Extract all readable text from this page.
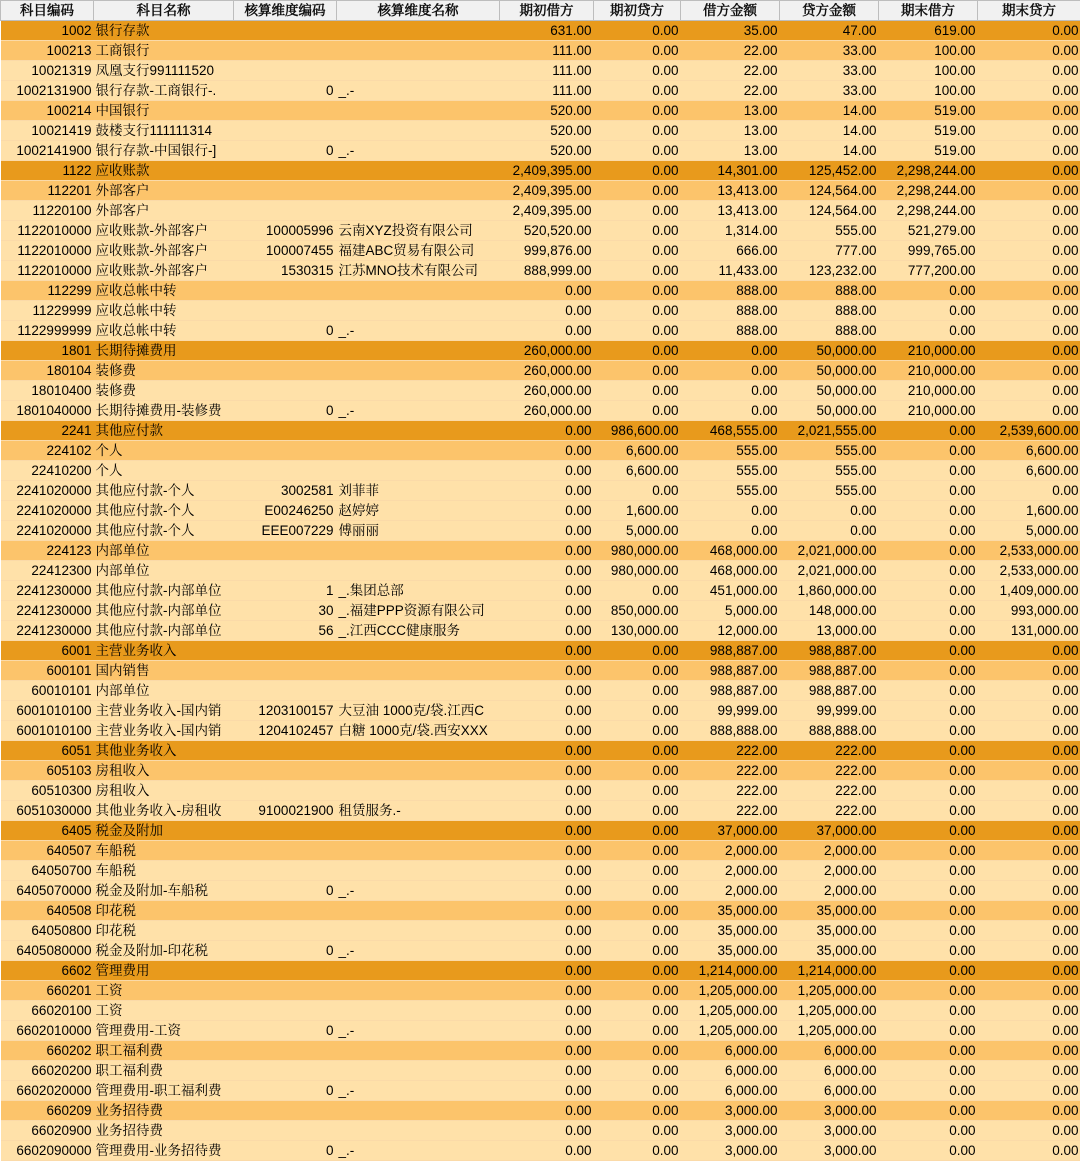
科目编码	科目名称	核算维度编码	核算维度名称	期初借方	期初贷方	借方金额	贷方金额	期末借方	期末贷方
1002	银行存款			631.00	0.00	35.00	47.00	619.00	0.00
100213	工商银行			111.00	0.00	22.00	33.00	100.00	0.00
10021319	凤凰支行991111520			111.00	0.00	22.00	33.00	100.00	0.00
1002131900	银行存款-工商银行-.	0	_.-	111.00	0.00	22.00	33.00	100.00	0.00
100214	中国银行			520.00	0.00	13.00	14.00	519.00	0.00
10021419	鼓楼支行111111314			520.00	0.00	13.00	14.00	519.00	0.00
1002141900	银行存款-中国银行-]	0	_.-	520.00	0.00	13.00	14.00	519.00	0.00
1122	应收账款			2,409,395.00	0.00	14,301.00	125,452.00	2,298,244.00	0.00
112201	外部客户			2,409,395.00	0.00	13,413.00	124,564.00	2,298,244.00	0.00
11220100	外部客户			2,409,395.00	0.00	13,413.00	124,564.00	2,298,244.00	0.00
1122010000	应收账款-外部客户	100005996	云南XYZ投资有限公司	520,520.00	0.00	1,314.00	555.00	521,279.00	0.00
1122010000	应收账款-外部客户	100007455	福建ABC贸易有限公司	999,876.00	0.00	666.00	777.00	999,765.00	0.00
1122010000	应收账款-外部客户	1530315	江苏MNO技术有限公司	888,999.00	0.00	11,433.00	123,232.00	777,200.00	0.00
112299	应收总帐中转			0.00	0.00	888.00	888.00	0.00	0.00
11229999	应收总帐中转			0.00	0.00	888.00	888.00	0.00	0.00
1122999999	应收总帐中转	0	_.-	0.00	0.00	888.00	888.00	0.00	0.00
1801	长期待摊费用			260,000.00	0.00	0.00	50,000.00	210,000.00	0.00
180104	装修费			260,000.00	0.00	0.00	50,000.00	210,000.00	0.00
18010400	装修费			260,000.00	0.00	0.00	50,000.00	210,000.00	0.00
1801040000	长期待摊费用-装修费	0	_.-	260,000.00	0.00	0.00	50,000.00	210,000.00	0.00
2241	其他应付款			0.00	986,600.00	468,555.00	2,021,555.00	0.00	2,539,600.00
224102	个人			0.00	6,600.00	555.00	555.00	0.00	6,600.00
22410200	个人			0.00	6,600.00	555.00	555.00	0.00	6,600.00
2241020000	其他应付款-个人	3002581	刘菲菲	0.00	0.00	555.00	555.00	0.00	0.00
2241020000	其他应付款-个人	E00246250	赵婷婷	0.00	1,600.00	0.00	0.00	0.00	1,600.00
2241020000	其他应付款-个人	EEE007229	傅丽丽	0.00	5,000.00	0.00	0.00	0.00	5,000.00
224123	内部单位			0.00	980,000.00	468,000.00	2,021,000.00	0.00	2,533,000.00
22412300	内部单位			0.00	980,000.00	468,000.00	2,021,000.00	0.00	2,533,000.00
2241230000	其他应付款-内部单位	1	_.集团总部	0.00	0.00	451,000.00	1,860,000.00	0.00	1,409,000.00
2241230000	其他应付款-内部单位	30	_.福建PPP资源有限公司	0.00	850,000.00	5,000.00	148,000.00	0.00	993,000.00
2241230000	其他应付款-内部单位	56	_.江西CCC健康服务	0.00	130,000.00	12,000.00	13,000.00	0.00	131,000.00
6001	主营业务收入			0.00	0.00	988,887.00	988,887.00	0.00	0.00
600101	国内销售			0.00	0.00	988,887.00	988,887.00	0.00	0.00
60010101	内部单位			0.00	0.00	988,887.00	988,887.00	0.00	0.00
6001010100	主营业务收入-国内销	1203100157	大豆油 1000克/袋.江西C	0.00	0.00	99,999.00	99,999.00	0.00	0.00
6001010100	主营业务收入-国内销	1204102457	白糖 1000克/袋.西安XXX	0.00	0.00	888,888.00	888,888.00	0.00	0.00
6051	其他业务收入			0.00	0.00	222.00	222.00	0.00	0.00
605103	房租收入			0.00	0.00	222.00	222.00	0.00	0.00
60510300	房租收入			0.00	0.00	222.00	222.00	0.00	0.00
6051030000	其他业务收入-房租收	9100021900	租赁服务.-	0.00	0.00	222.00	222.00	0.00	0.00
6405	税金及附加			0.00	0.00	37,000.00	37,000.00	0.00	0.00
640507	车船税			0.00	0.00	2,000.00	2,000.00	0.00	0.00
64050700	车船税			0.00	0.00	2,000.00	2,000.00	0.00	0.00
6405070000	税金及附加-车船税	0	_.-	0.00	0.00	2,000.00	2,000.00	0.00	0.00
640508	印花税			0.00	0.00	35,000.00	35,000.00	0.00	0.00
64050800	印花税			0.00	0.00	35,000.00	35,000.00	0.00	0.00
6405080000	税金及附加-印花税	0	_.-	0.00	0.00	35,000.00	35,000.00	0.00	0.00
6602	管理费用			0.00	0.00	1,214,000.00	1,214,000.00	0.00	0.00
660201	工资			0.00	0.00	1,205,000.00	1,205,000.00	0.00	0.00
66020100	工资			0.00	0.00	1,205,000.00	1,205,000.00	0.00	0.00
6602010000	管理费用-工资	0	_.-	0.00	0.00	1,205,000.00	1,205,000.00	0.00	0.00
660202	职工福利费			0.00	0.00	6,000.00	6,000.00	0.00	0.00
66020200	职工福利费			0.00	0.00	6,000.00	6,000.00	0.00	0.00
6602020000	管理费用-职工福利费	0	_.-	0.00	0.00	6,000.00	6,000.00	0.00	0.00
660209	业务招待费			0.00	0.00	3,000.00	3,000.00	0.00	0.00
66020900	业务招待费			0.00	0.00	3,000.00	3,000.00	0.00	0.00
6602090000	管理费用-业务招待费	0	_.-	0.00	0.00	3,000.00	3,000.00	0.00	0.00
